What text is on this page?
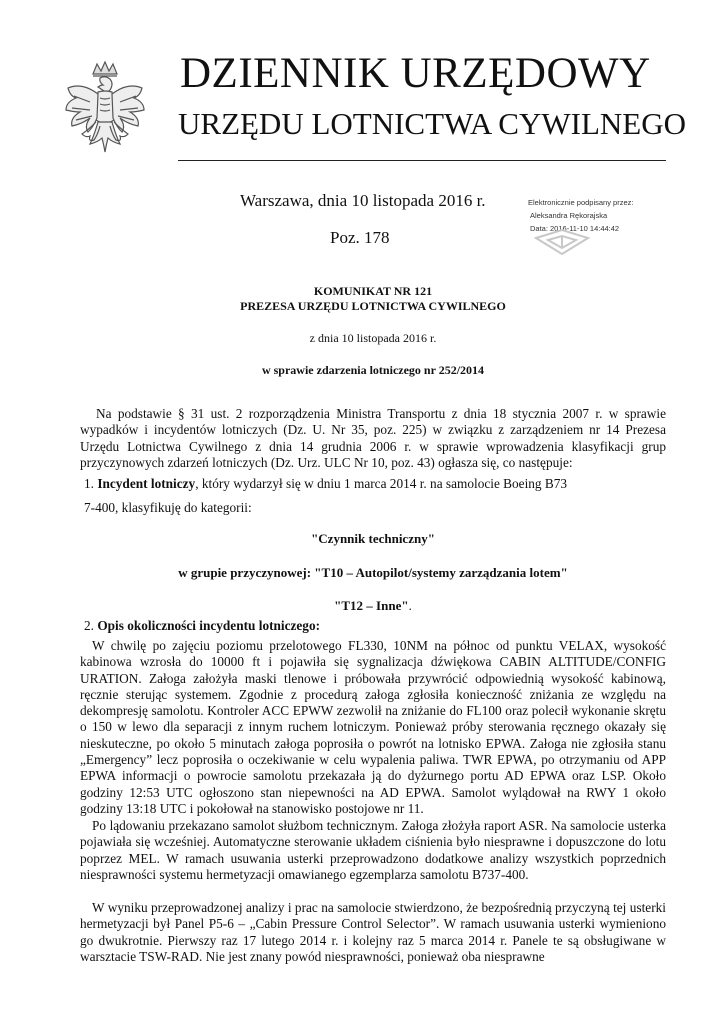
DZIENNIK URZĘDOWY
URZĘDU LOTNICTWA CYWILNEGO
Warszawa, dnia 10 listopada 2016 r.
Poz. 178
Elektronicznie podpisany przez:
Aleksandra Rękorajska
Data: 2016-11-10 14:44:42
KOMUNIKAT NR 121
PREZESA URZĘDU LOTNICTWA CYWILNEGO
z dnia 10 listopada 2016 r.
w sprawie zdarzenia lotniczego nr 252/2014
Na podstawie § 31 ust. 2 rozporządzenia Ministra Transportu z dnia 18 stycznia 2007 r. w sprawie wypadków i incydentów lotniczych (Dz. U. Nr 35, poz. 225) w związku z zarządzeniem nr 14 Prezesa Urzędu Lotnictwa Cywilnego z dnia 14 grudnia 2006 r. w sprawie wprowadzenia klasyfikacji grup przyczynowych zdarzeń lotniczych (Dz. Urz. ULC Nr 10, poz. 43) ogłasza się, co następuje:
1. Incydent lotniczy, który wydarzył się w dniu 1 marca 2014 r. na samolocie Boeing B73
7-400, klasyfikuję do kategorii:
"Czynnik techniczny"
w grupie przyczynowej: "T10 – Autopilot/systemy zarządzania lotem"
"T12 – Inne".
2. Opis okoliczności incydentu lotniczego:

W chwilę po zajęciu poziomu przelotowego FL330, 10NM na północ od punktu VELAX, wysokość kabinowa wzrosła do 10000 ft i pojawiła się sygnalizacja dźwiękowa CABIN ALTITUDE/CONFIG URATION. Załoga założyła maski tlenowe i próbowała przywrócić odpowiednią wysokość kabinową, ręcznie sterując systemem. Zgodnie z procedurą załoga zgłosiła konieczność zniżania ze względu na dekompresję samolotu. Kontroler ACC EPWW zezwolił na zniżanie do FL100 oraz polecił wykonanie skrętu o 150 w lewo dla separacji z innym ruchem lotniczym. Ponieważ próby sterowania ręcznego okazały się nieskuteczne, po około 5 minutach załoga poprosiła o powrót na lotnisko EPWA. Załoga nie zgłosiła stanu „Emergency” lecz poprosiła o oczekiwanie w celu wypalenia paliwa. TWR EPWA, po otrzymaniu od APP EPWA informacji o powrocie samolotu przekazała ją do dyżurnego portu AD EPWA oraz LSP. Około godziny 12:53 UTC ogłoszono stan niepewności na AD EPWA. Samolot wylądował na RWY 1 około godziny 13:18 UTC i pokołował na stanowisko postojowe nr 11.

Po lądowaniu przekazano samolot służbom technicznym. Załoga złożyła raport ASR. Na samolocie usterka pojawiała się wcześniej. Automatyczne sterowanie układem ciśnienia było niesprawne i dopuszczone do lotu poprzez MEL. W ramach usuwania usterki przeprowadzono dodatkowe analizy wszystkich poprzednich niesprawności systemu hermetyzacji omawianego egzemplarza samolotu B737-400.

W wyniku przeprowadzonej analizy i prac na samolocie stwierdzono, że bezpośrednią przyczyną tej usterki hermetyzacji był Panel P5-6 – „Cabin Pressure Control Selector”. W ramach usuwania usterki wymieniono go dwukrotnie. Pierwszy raz 17 lutego 2014 r. i kolejny raz 5 marca 2014 r. Panele te są obsługiwane w warsztacie TSW-RAD. Nie jest znany powód niesprawności, ponieważ oba niesprawne
